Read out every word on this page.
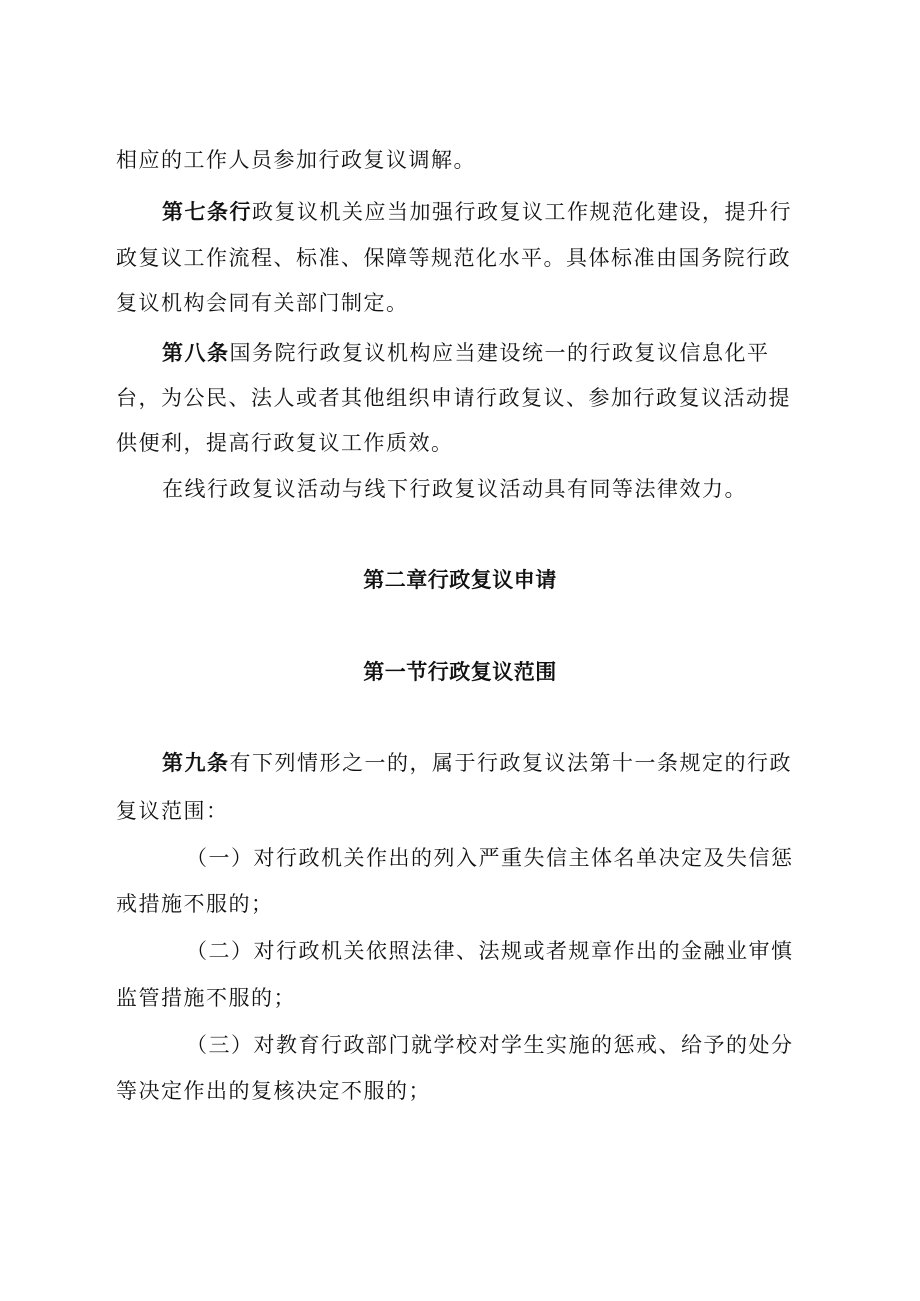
相应的工作人员参加行政复议调解。
第七条行政复议机关应当加强行政复议工作规范化建设，提升行
政复议工作流程、标准、保障等规范化水平。具体标准由国务院行政
复议机构会同有关部门制定。
第八条国务院行政复议机构应当建设统一的行政复议信息化平
台，为公民、法人或者其他组织申请行政复议、参加行政复议活动提
供便利，提高行政复议工作质效。
在线行政复议活动与线下行政复议活动具有同等法律效力。
第二章行政复议申请
第一节行政复议范围
第九条有下列情形之一的，属于行政复议法第十一条规定的行政
复议范围：
（一）对行政机关作出的列入严重失信主体名单决定及失信惩
戒措施不服的；
（二）对行政机关依照法律、法规或者规章作出的金融业审慎
监管措施不服的；
（三）对教育行政部门就学校对学生实施的惩戒、给予的处分
等决定作出的复核决定不服的；
